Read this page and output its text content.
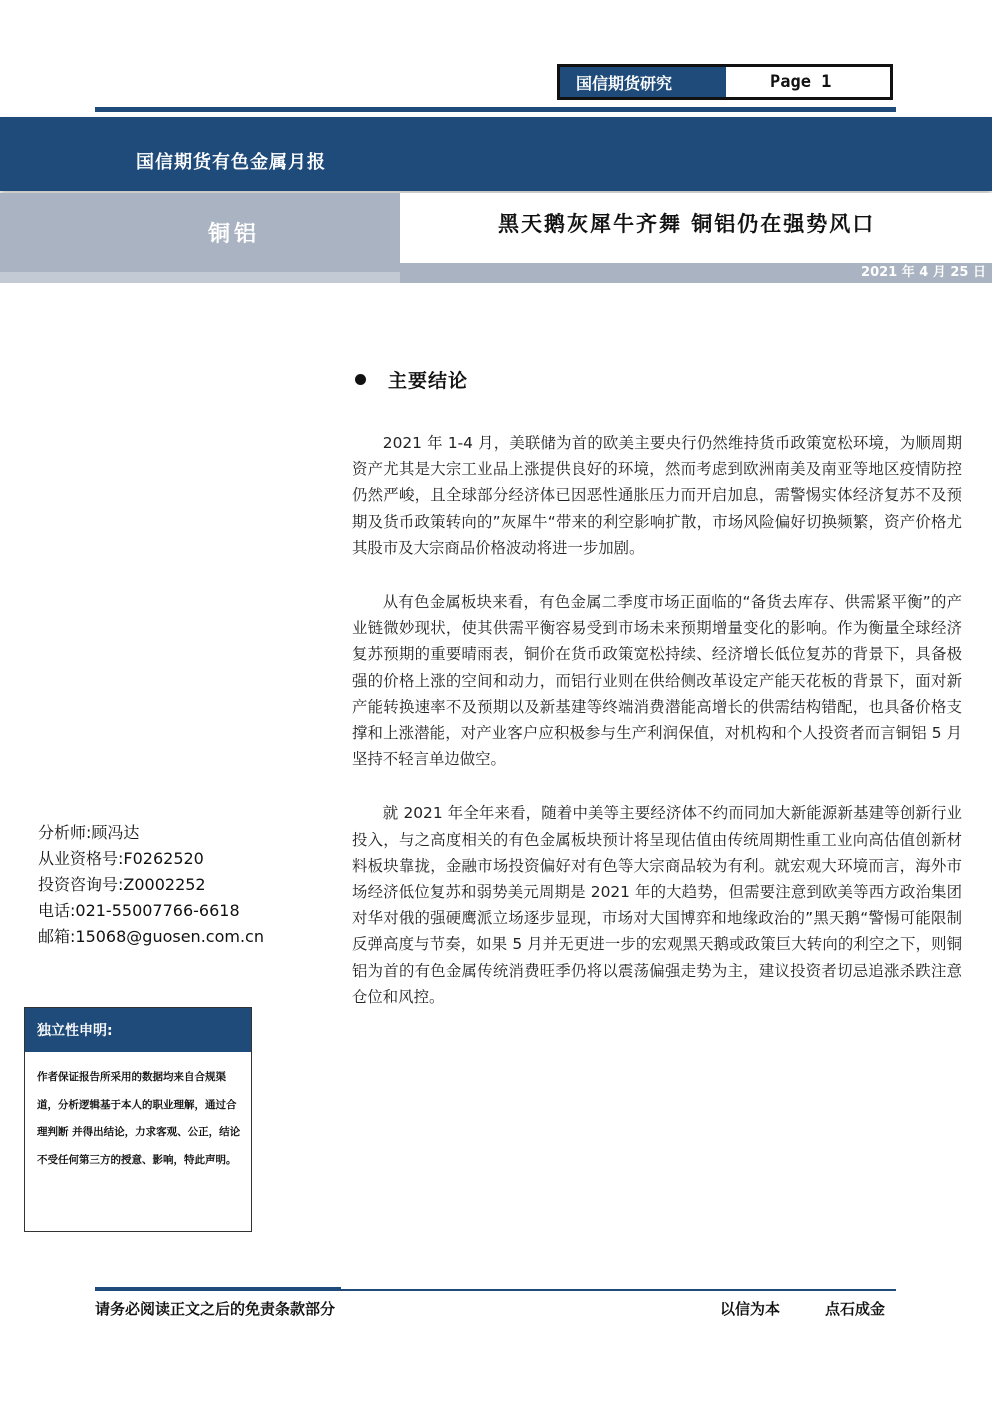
国信期货研究	Page 1
国信期货有色金属月报
铜铝	黑天鹅灰犀牛齐舞 铜铝仍在强势风口
2021 年 4 月 25 日
主要结论

2021 年 1-4 月，美联储为首的欧美主要央行仍然维持货币政策宽松环境，为顺周期资产尤其是大宗工业品上涨提供良好的环境，然而考虑到欧洲南美及南亚等地区疫情防控仍然严峻，且全球部分经济体已因恶性通胀压力而开启加息，需警惕实体经济复苏不及预期及货币政策转向的”灰犀牛“带来的利空影响扩散，市场风险偏好切换频繁，资产价格尤其股市及大宗商品价格波动将进一步加剧。

从有色金属板块来看，有色金属二季度市场正面临的“备货去库存、供需紧平衡”的产业链微妙现状，使其供需平衡容易受到市场未来预期增量变化的影响。作为衡量全球经济复苏预期的重要晴雨表，铜价在货币政策宽松持续、经济增长低位复苏的背景下，具备极强的价格上涨的空间和动力，而铝行业则在供给侧改革设定产能天花板的背景下，面对新产能转换速率不及预期以及新基建等终端消费潜能高增长的供需结构错配，也具备价格支撑和上涨潜能，对产业客户应积极参与生产利润保值，对机构和个人投资者而言铜铝 5 月坚持不轻言单边做空。

就 2021 年全年来看，随着中美等主要经济体不约而同加大新能源新基建等创新行业投入，与之高度相关的有色金属板块预计将呈现估值由传统周期性重工业向高估值创新材料板块靠拢，金融市场投资偏好对有色等大宗商品较为有利。就宏观大环境而言，海外市场经济低位复苏和弱势美元周期是 2021 年的大趋势，但需要注意到欧美等西方政治集团对华对俄的强硬鹰派立场逐步显现，市场对大国博弈和地缘政治的”黑天鹅“警惕可能限制反弹高度与节奏，如果 5 月并无更进一步的宏观黑天鹅或政策巨大转向的利空之下，则铜铝为首的有色金属传统消费旺季仍将以震荡偏强走势为主，建议投资者切忌追涨杀跌注意仓位和风控。

分析师:顾冯达
从业资格号:F0262520
投资咨询号:Z0002252
电话:021-55007766-6618
邮箱:15068@guosen.com.cn
独立性申明:
作者保证报告所采用的数据均来自合规渠道，分析逻辑基于本人的职业理解，通过合理判断 并得出结论，力求客观、公正，结论不受任何第三方的授意、影响，特此声明。
请务必阅读正文之后的免责条款部分	以信为本	点石成金
